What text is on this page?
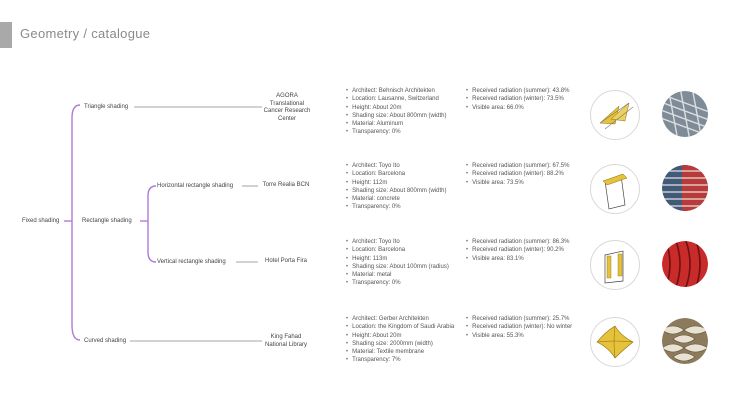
Geometry / catalogue
Fixed shading
Triangle shading
Rectangle shading
Horizontal rectangle shading
Vertical rectangle shading
Curved shading
AGORA
Translational
Cancer Research
Center
Torre Realia BCN
Hotel Porta Fira
King Fahad
National Library
• Architect: Behnisch Architekten
• Location: Lausanne, Switzerland
• Height: About 20m
• Shading size: About 800mm (width)
• Material: Aluminum
• Transparency: 0%
• Received radiation (summer): 43.8%
• Received radiation (winter): 73.5%
• Visible area: 66.0%
• Architect: Toyo Ito
• Location: Barcelona
• Height: 112m
• Shading size: About 800mm (width)
• Material: concrete
• Transparency: 0%
• Received radiation (summer): 67.5%
• Received radiation (winter): 88.2%
• Visible area: 73.5%
• Architect: Toyo Ito
• Location: Barcelona
• Height: 113m
• Shading size: About 100mm (radius)
• Material: metal
• Transparency: 0%
• Received radiation (summer): 86.3%
• Received radiation (winter): 90.2%
• Visible area: 83.1%
• Architect: Gerber Architekten
• Location: the Kingdom of Saudi Arabia
• Height: About 20m
• Shading size: 2000mm (width)
• Material: Textile membrane
• Transparency: 7%
• Received radiation (summer): 25.7%
• Received radiation (winter): No winter
• Visible area: 55.3%
